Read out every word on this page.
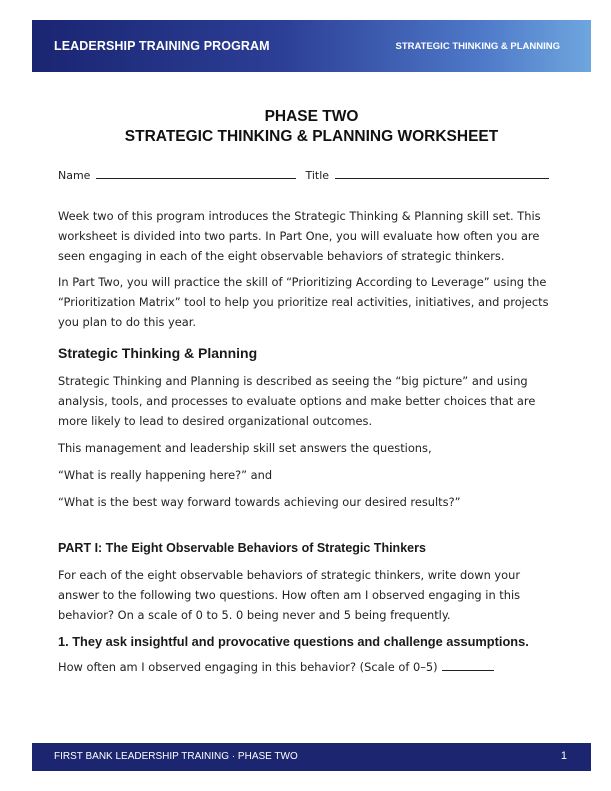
LEADERSHIP TRAINING PROGRAM	STRATEGIC THINKING & PLANNING
PHASE TWO
STRATEGIC THINKING & PLANNING WORKSHEET
Name	Title

Week two of this program introduces the Strategic Thinking & Planning skill set. This worksheet is divided into two parts. In Part One, you will evaluate how often you are seen engaging in each of the eight observable behaviors of strategic thinkers.

In Part Two, you will practice the skill of “Prioritizing According to Leverage” using the “Prioritization Matrix” tool to help you prioritize real activities, initiatives, and projects you plan to do this year.

Strategic Thinking & Planning

Strategic Thinking and Planning is described as seeing the “big picture” and using analysis, tools, and processes to evaluate options and make better choices that are more likely to lead to desired organizational outcomes.

This management and leadership skill set answers the questions,

“What is really happening here?” and

“What is the best way forward towards achieving our desired results?”

PART I: The Eight Observable Behaviors of Strategic Thinkers

For each of the eight observable behaviors of strategic thinkers, write down your answer to the following two questions. How often am I observed engaging in this behavior? On a scale of 0 to 5. 0 being never and 5 being frequently.

1. They ask insightful and provocative questions and challenge assumptions.

How often am I observed engaging in this behavior? (Scale of 0–5)

FIRST BANK LEADERSHIP TRAINING · PHASE TWO	1
